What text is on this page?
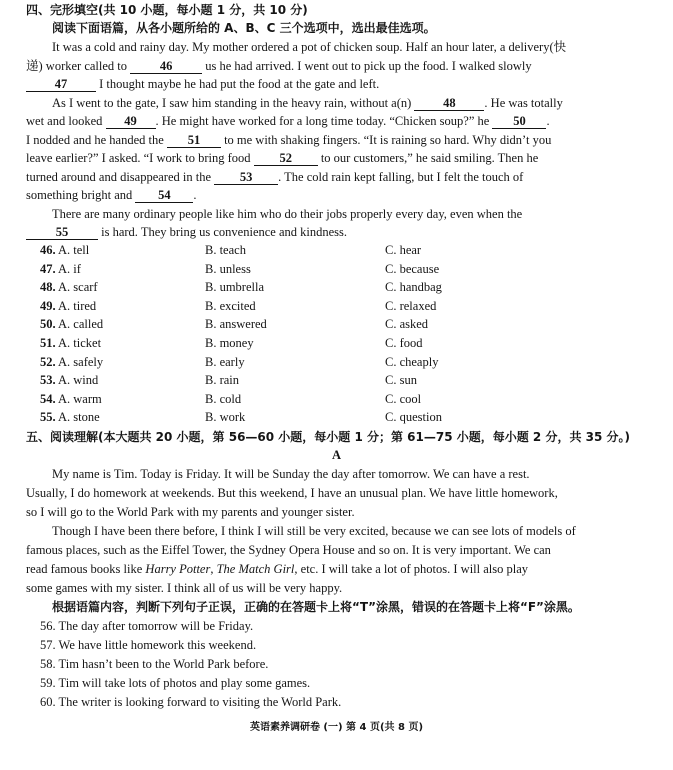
四、完形填空(共 10 小题，每小题 1 分，共 10 分)
阅读下面语篇，从各小题所给的 A、B、C 三个选项中，选出最佳选项。
It was a cold and rainy day. My mother ordered a pot of chicken soup. Half an hour later, a delivery(快
递) worker called to	46	us he had arrived. I went out to pick up the food. I walked slowly
47	I thought maybe he had put the food at the gate and left.
As I went to the gate, I saw him standing in the heavy rain, without a(n)	48 . He was totally
wet and looked 49 . He might have worked for a long time today. “Chicken soup?” he 50 .
I nodded and he handed the 51 to me with shaking fingers. “It is raining so hard. Why didn’t you
leave earlier?” I asked. “I work to bring food 52 to our customers,” he said smiling. Then he
turned around and disappeared in the 53 . The cold rain kept falling, but I felt the touch of
something bright and 54 .
There are many ordinary people like him who do their jobs properly every day, even when the
55	is hard. They bring us convenience and kindness.
46. A. tell	B. teach	C. hear
47. A. if	B. unless	C. because
48. A. scarf	B. umbrella	C. handbag
49. A. tired	B. excited	C. relaxed
50. A. called	B. answered	C. asked
51. A. ticket	B. money	C. food
52. A. safely	B. early	C. cheaply
53. A. wind	B. rain	C. sun
54. A. warm	B. cold	C. cool
55. A. stone	B. work	C. question
五、阅读理解(本大题共 20 小题，第 56—60 小题，每小题 1 分；第 61—75 小题，每小题 2 分，共 35 分。)
A
My name is Tim. Today is Friday. It will be Sunday the day after tomorrow. We can have a rest.
Usually, I do homework at weekends. But this weekend, I have an unusual plan. We have little homework,
so I will go to the World Park with my parents and younger sister.
Though I have been there before, I think I will still be very excited, because we can see lots of models of
famous places, such as the Eiffel Tower, the Sydney Opera House and so on. It is very important. We can
read famous books like Harry Potter, The Match Girl, etc. I will take a lot of photos. I will also play
some games with my sister. I think all of us will be very happy.
根据语篇内容，判断下列句子正误，正确的在答题卡上将“T”涂黑，错误的在答题卡上将“F”涂黑。
56. The day after tomorrow will be Friday.
57. We have little homework this weekend.
58. Tim hasn’t been to the World Park before.
59. Tim will take lots of photos and play some games.
60. The writer is looking forward to visiting the World Park.
英语素养调研卷 (一) 第 4 页(共 8 页)
